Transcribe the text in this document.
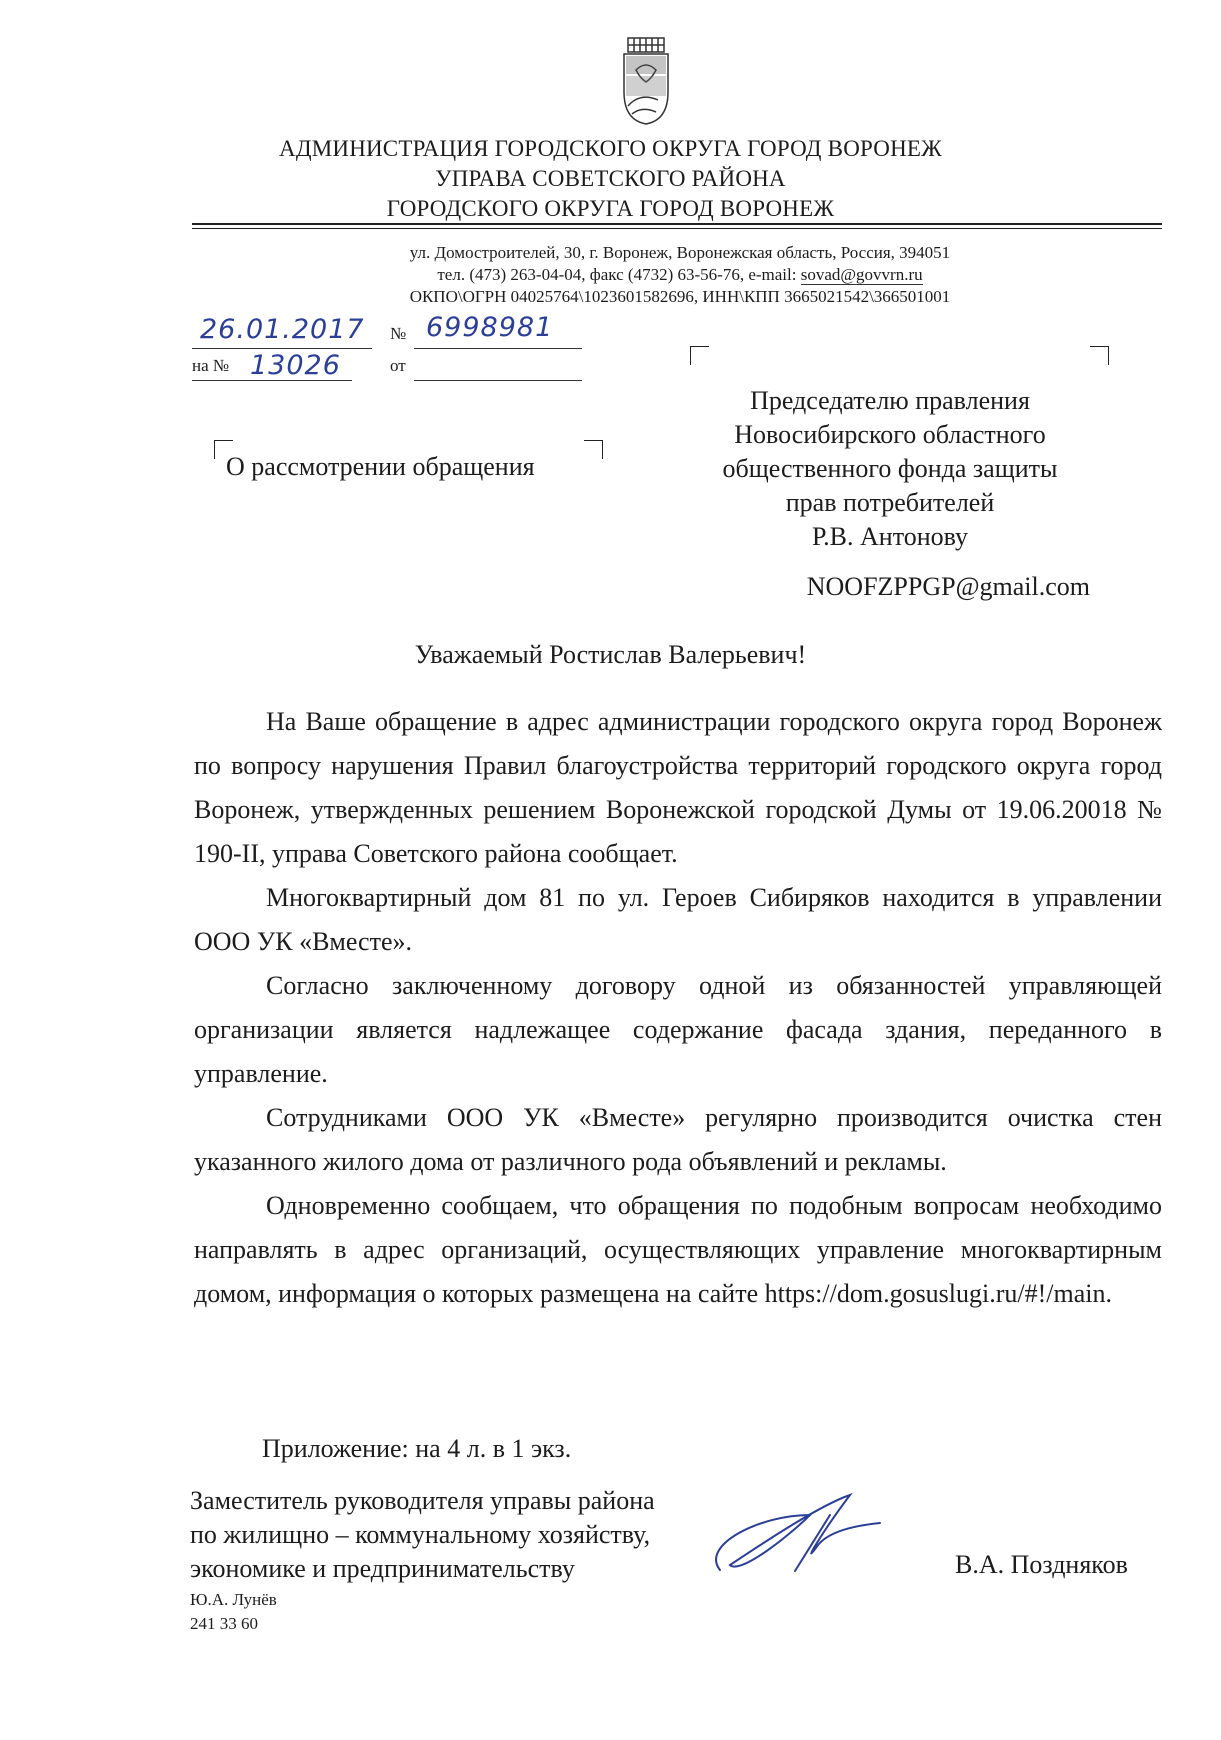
АДМИНИСТРАЦИЯ ГОРОДСКОГО ОКРУГА ГОРОД ВОРОНЕЖ
УПРАВА СОВЕТСКОГО РАЙОНА
ГОРОДСКОГО ОКРУГА ГОРОД ВОРОНЕЖ
ул. Домостроителей, 30, г. Воронеж, Воронежская область, Россия, 394051
тел. (473) 263-04-04, факс (4732) 63-56-76, e-mail: sovad@govvrn.ru
ОКПО\ОГРН 04025764\1023601582696, ИНН\КПП 3665021542\366501001
26.01.2017 № 6998981
на № 13026	от
Председателю правления
Новосибирского областного
общественного фонда защиты
прав потребителей
Р.В. Антонову
NOOFZPPGP@gmail.com
О рассмотрении обращения
Уважаемый Ростислав Валерьевич!

На Ваше обращение в адрес администрации городского округа город Воронеж по вопросу нарушения Правил благоустройства территорий городского округа город Воронеж, утвержденных решением Воронежской городской Думы от 19.06.20018 № 190-II, управа Советского района сообщает.

Многоквартирный дом 81 по ул. Героев Сибиряков находится в управлении ООО УК «Вместе».

Согласно заключенному договору одной из обязанностей управляющей организации является надлежащее содержание фасада здания, переданного в управление.

Сотрудниками ООО УК «Вместе» регулярно производится очистка стен указанного жилого дома от различного рода объявлений и рекламы.

Одновременно сообщаем, что обращения по подобным вопросам необходимо направлять в адрес организаций, осуществляющих управление многоквартирным домом, информация о которых размещена на сайте https://dom.gosuslugi.ru/#!/main.

Приложение: на 4 л. в 1 экз.
Заместитель руководителя управы района
по жилищно – коммунальному хозяйству,
экономике и предпринимательству	В.А. Поздняков
Ю.А. Лунёв
241 33 60
